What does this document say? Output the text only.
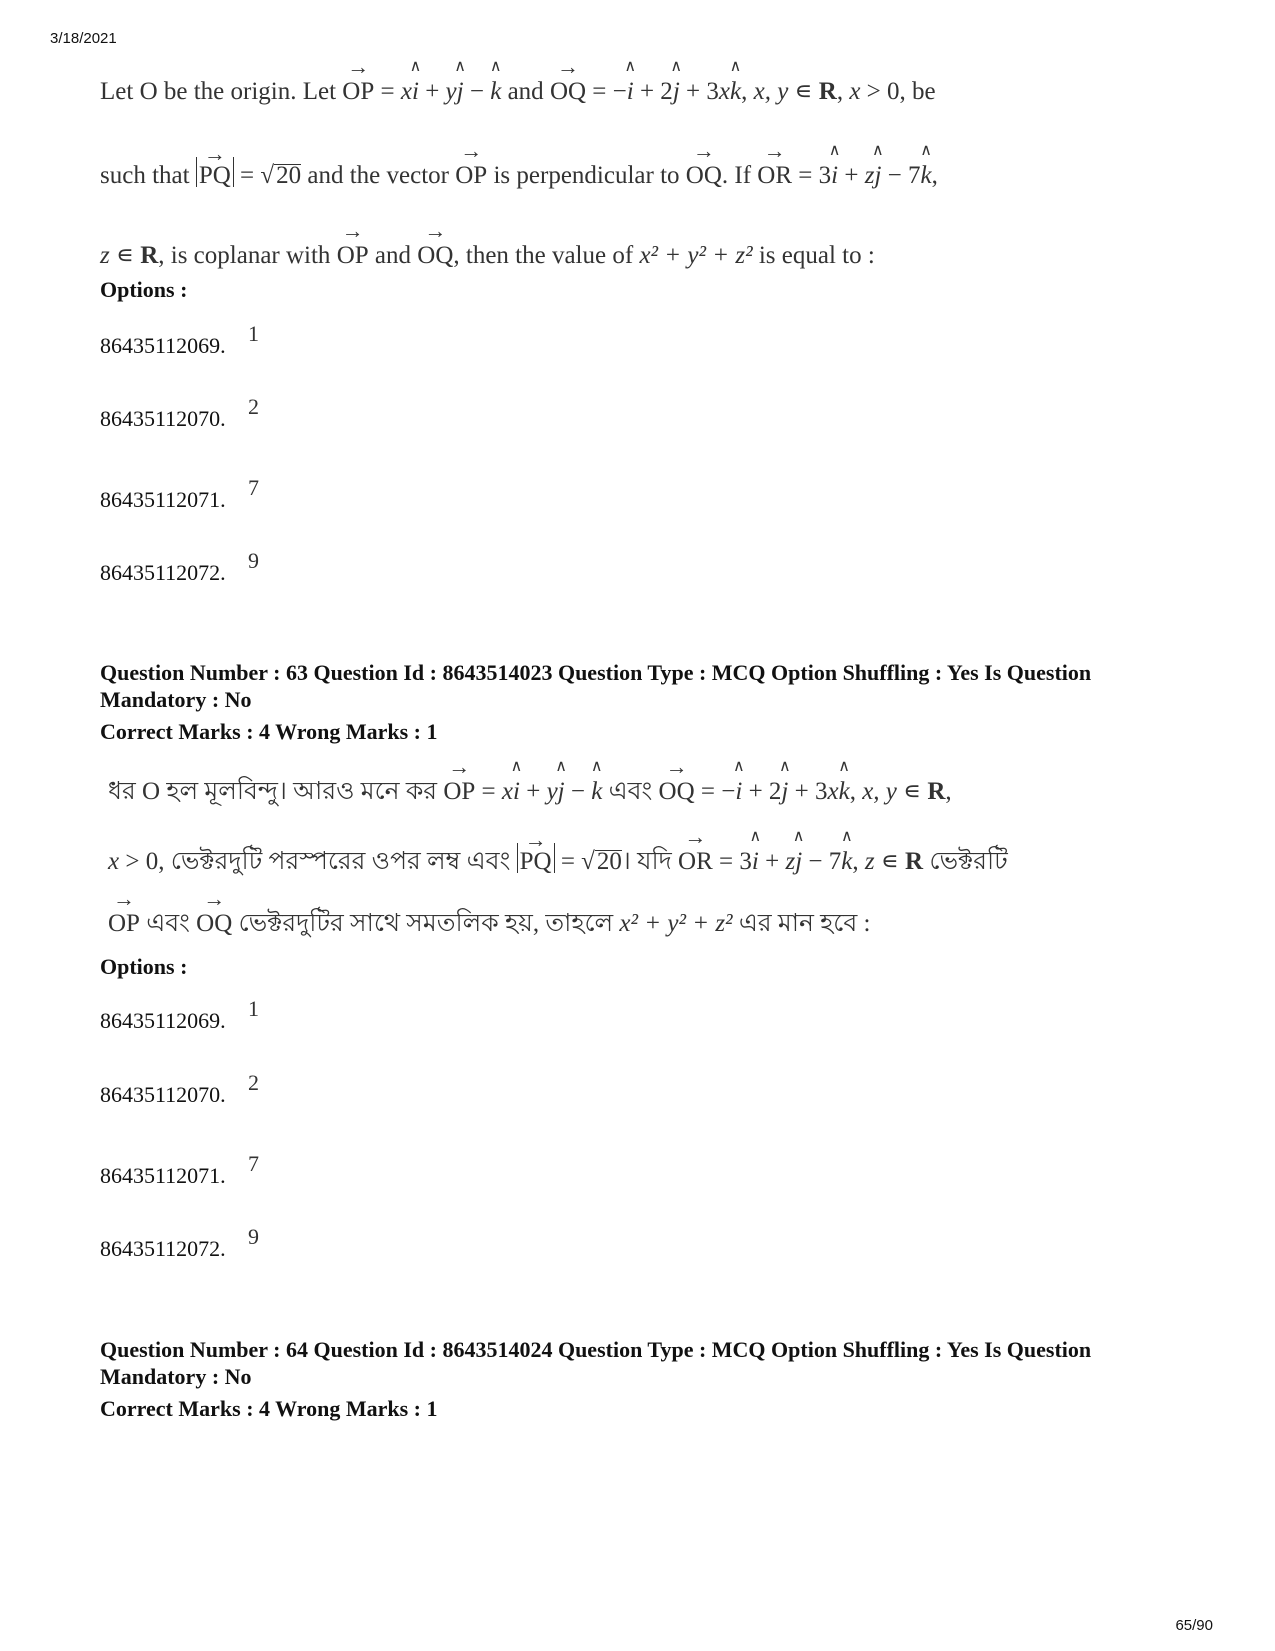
3/18/2021
Let O be the origin. Let → OP = x∧ i + y∧ j − ∧ k and → OQ = −∧ i + 2∧ j + 3x∧ k, x, y ∊ R, x > 0, be
such that → PQ = √20 and the vector → OP is perpendicular to → OQ. If → OR = 3∧ i + z∧ j − 7∧ k,
z ∊ R, is coplanar with → OP and → OQ, then the value of x² + y² + z² is equal to :
Options :
86435112069. 1
86435112070. 2
86435112071. 7
86435112072. 9
Question Number : 63 Question Id : 8643514023 Question Type : MCQ Option Shuffling : Yes Is Question Mandatory : No
Correct Marks : 4 Wrong Marks : 1
ধর O হল মূলবিন্দু। আরও মনে কর → OP = x∧ i + y∧ j − ∧ k এবং → OQ = −∧ i + 2∧ j + 3x∧ k, x, y ∊ R,
x > 0, ভেক্টরদুটি পরস্পরের ওপর লম্ব এবং → PQ = √20। যদি → OR = 3∧ i + z∧ j − 7∧ k, z ∊ R ভেক্টরটি
→ OP এবং → OQ ভেক্টরদুটির সাথে সমতলিক হয়, তাহলে x² + y² + z² এর মান হবে :
Options :
86435112069. 1
86435112070. 2
86435112071. 7
86435112072. 9
Question Number : 64 Question Id : 8643514024 Question Type : MCQ Option Shuffling : Yes Is Question Mandatory : No
Correct Marks : 4 Wrong Marks : 1
65/90
